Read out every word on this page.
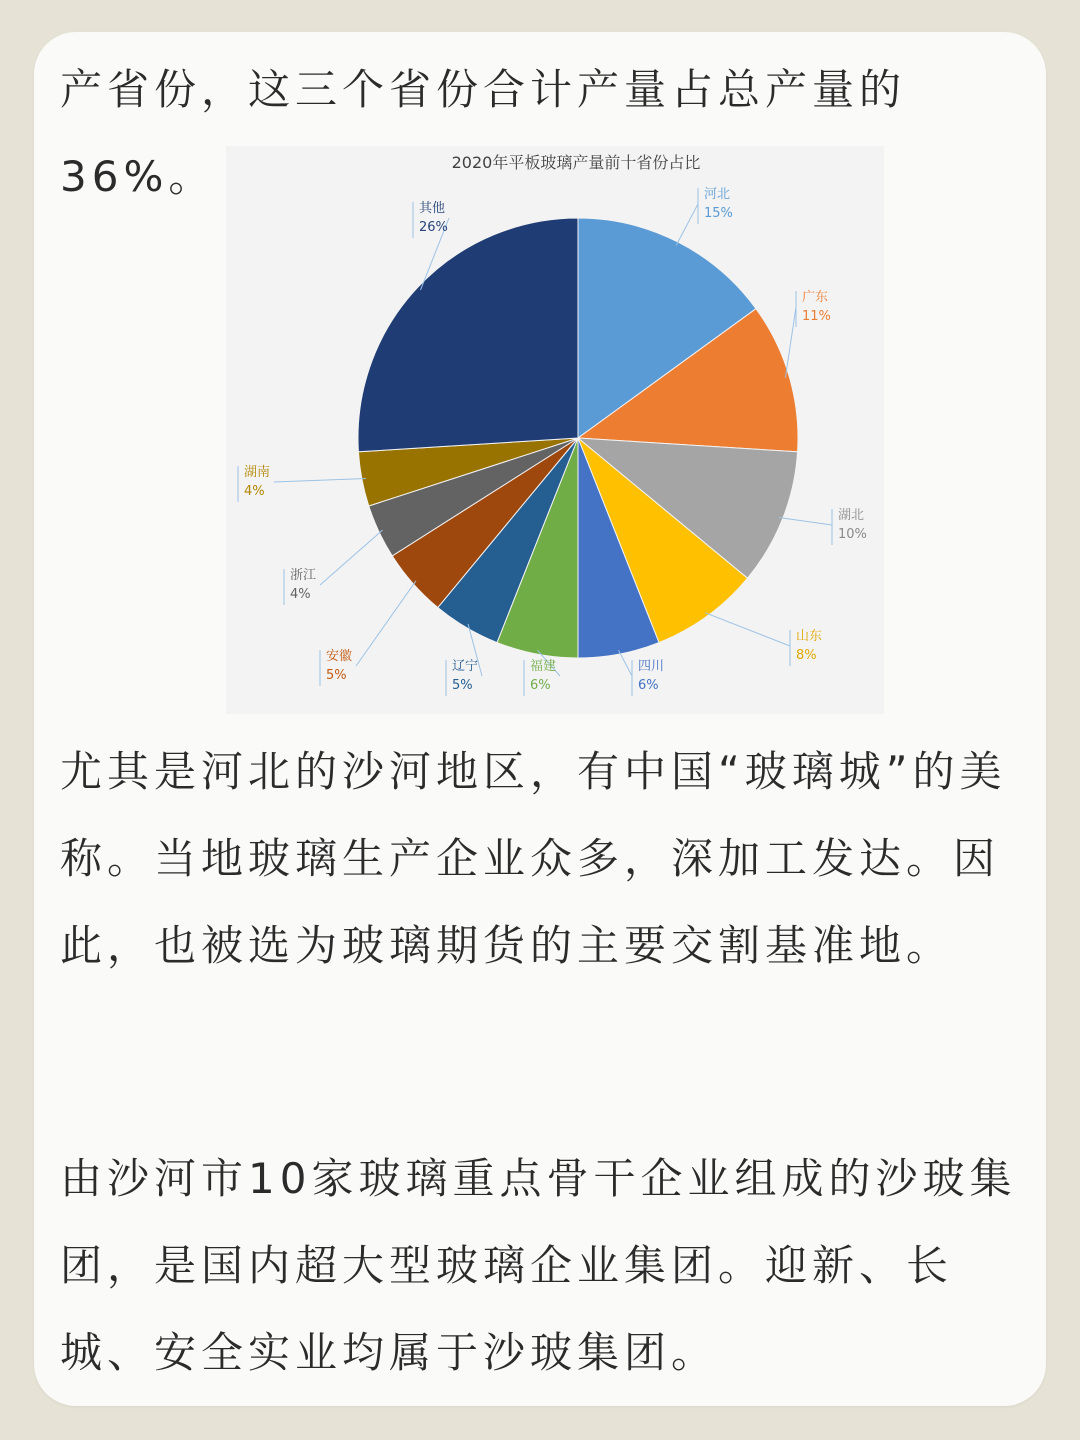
产省份，这三个省份合计产量占总产量的36%。	2020年平板玻璃产量前十省份占比
河北
15%
广东
11%
湖北
10%
山东
8%
四川
6%
福建
6%
辽宁
5%
安徽
5%
浙江
4%
湖南
4%
其他
26%

尤其是河北的沙河地区，有中国“玻璃城”的美称。当地玻璃生产企业众多，深加工发达。因此，也被选为玻璃期货的主要交割基准地。

由沙河市10家玻璃重点骨干企业组成的沙玻集团，是国内超大型玻璃企业集团。迎新、长城、安全实业均属于沙玻集团。
